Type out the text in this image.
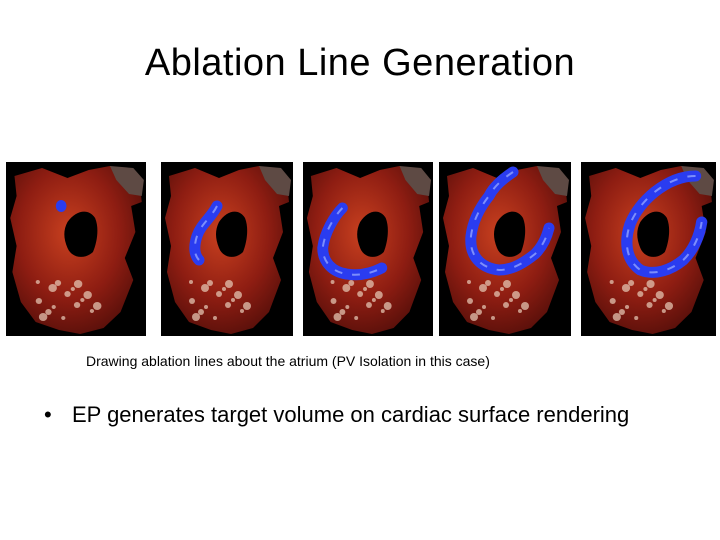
Ablation Line Generation
Drawing ablation lines about the atrium (PV Isolation in this case)
• EP generates target volume on cardiac surface rendering
